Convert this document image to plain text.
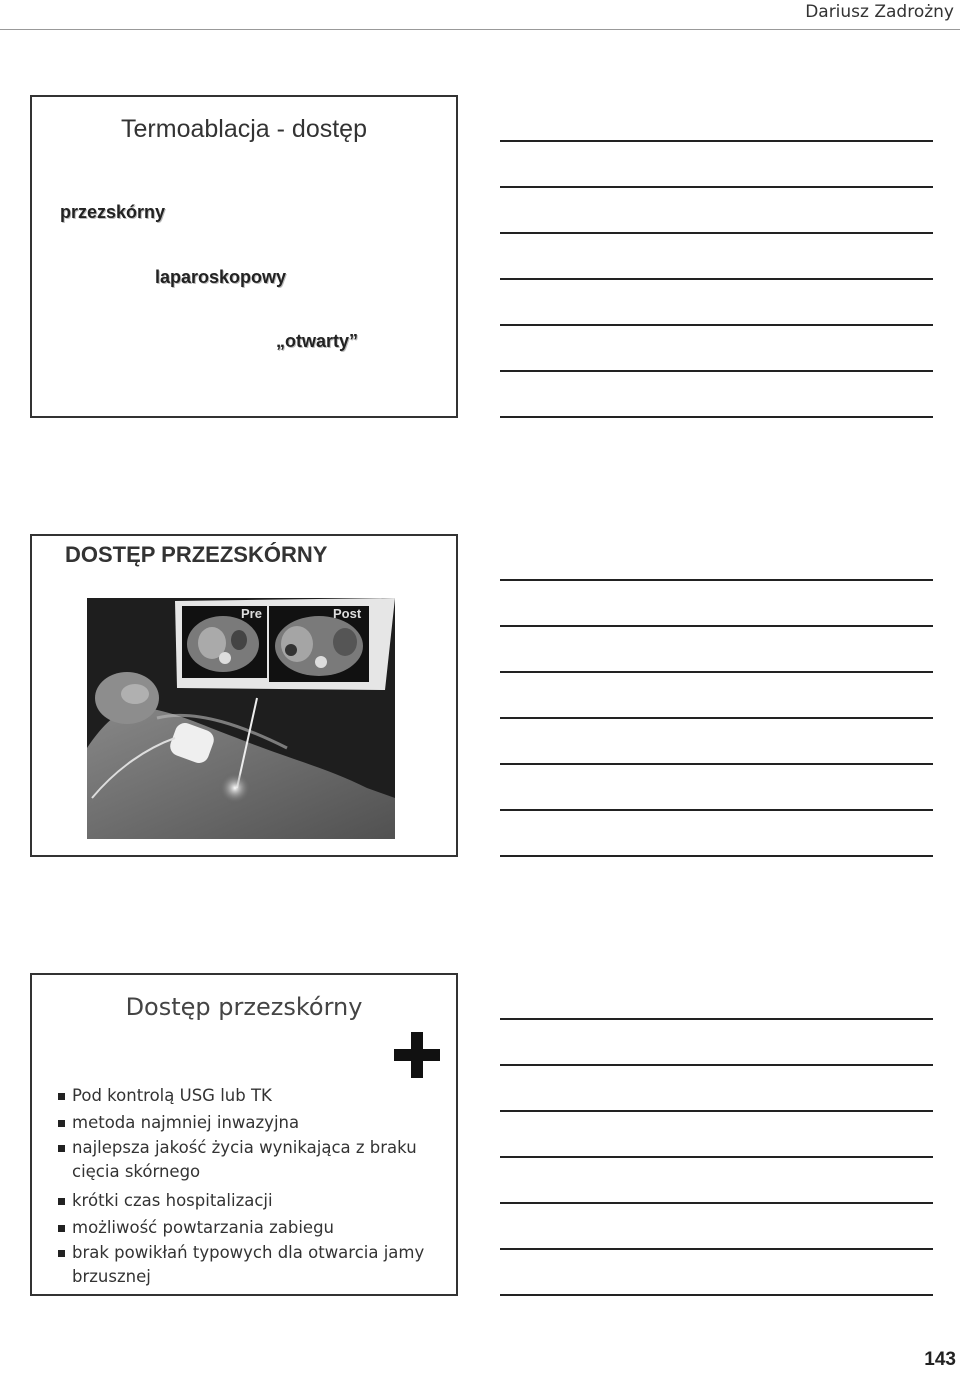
Dariusz Zadrożny
Termoablacja - dostęp
przezskórny
laparoskopowy
„otwarty”
DOSTĘP PRZEZSKÓRNY
Pre	Post
Dostęp przezskórny
Pod kontrolą USG lub TK
metoda najmniej inwazyjna
najlepsza jakość życia wynikająca z braku cięcia skórnego
krótki czas hospitalizacji
możliwość powtarzania zabiegu
brak powikłań typowych dla otwarcia jamy brzusznej
143
